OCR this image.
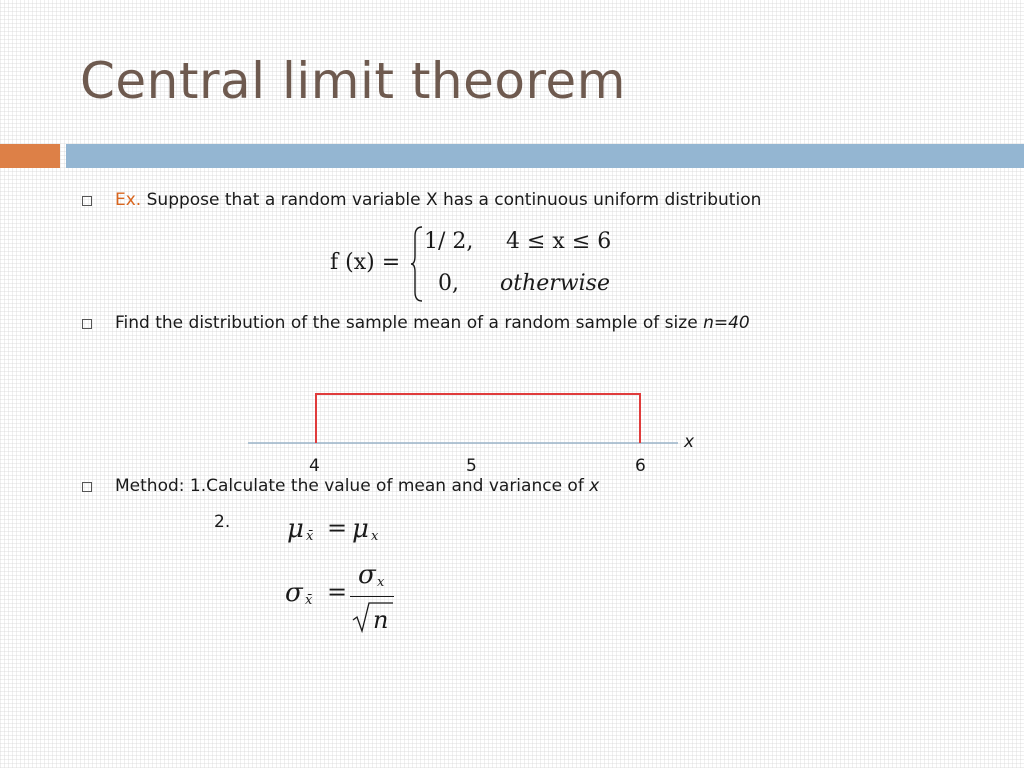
Central limit theorem
Ex. Suppose that a random variable X has a continuous uniform distribution
f (x) =
1/ 2, 4 ≤ x ≤ 6
0, otherwise
Find the distribution of the sample mean of a random sample of size n=40
x
4	5	6
Method: 1.Calculate the value of mean and variance of x
2. μ x̄ = μ x
σ x̄ =
σ x
n
